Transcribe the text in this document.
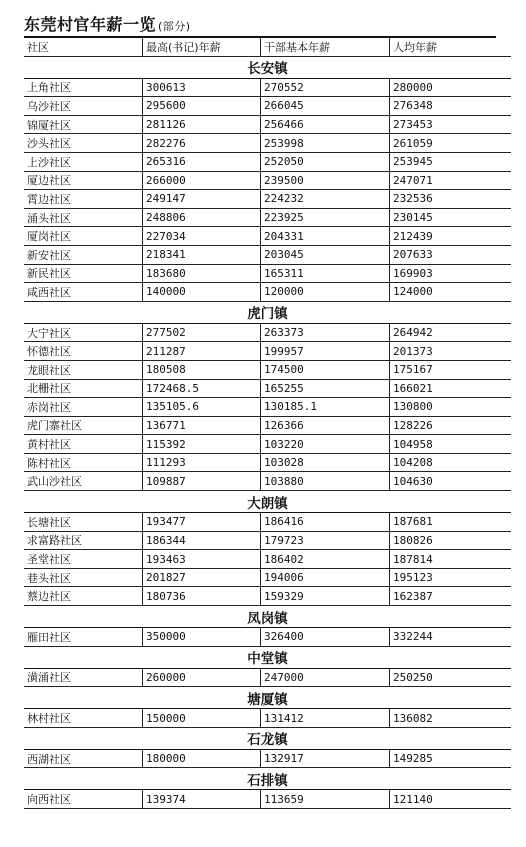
东莞村官年薪一览 (部分)
社区	最高(书记)年薪	干部基本年薪	人均年薪
长安镇			
上角社区	300613	270552	280000
乌沙社区	295600	266045	276348
锦厦社区	281126	256466	273453
沙头社区	282276	253998	261059
上沙社区	265316	252050	253945
厦边社区	266000	239500	247071
霄边社区	249147	224232	232536
涌头社区	248806	223925	230145
厦岗社区	227034	204331	212439
新安社区	218341	203045	207633
新民社区	183680	165311	169903
咸西社区	140000	120000	124000
虎门镇			
大宁社区	277502	263373	264942
怀德社区	211287	199957	201373
龙眼社区	180508	174500	175167
北栅社区	172468.5	165255	166021
赤岗社区	135105.6	130185.1	130800
虎门寨社区	136771	126366	128226
黄村社区	115392	103220	104958
陈村社区	111293	103028	104208
武山沙社区	109887	103880	104630
大朗镇			
长塘社区	193477	186416	187681
求富路社区	186344	179723	180826
圣堂社区	193463	186402	187814
巷头社区	201827	194006	195123
蔡边社区	180736	159329	162387
凤岗镇			
雁田社区	350000	326400	332244
中堂镇			
潢涌社区	260000	247000	250250
塘厦镇			
林村社区	150000	131412	136082
石龙镇			
西湖社区	180000	132917	149285
石排镇			
向西社区	139374	113659	121140
